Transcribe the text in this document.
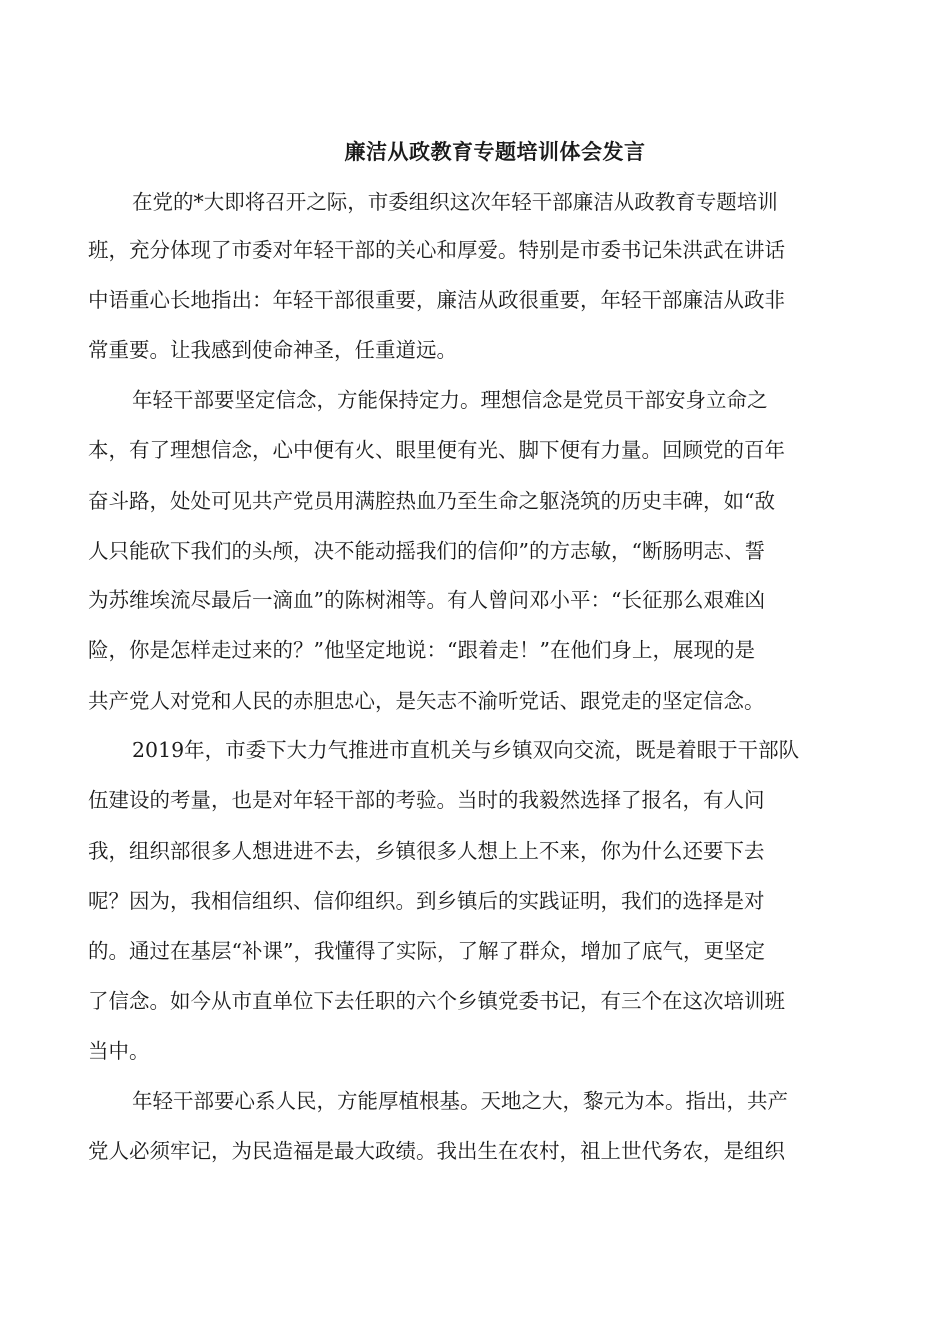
廉洁从政教育专题培训体会发言

在党的*大即将召开之际，市委组织这次年轻干部廉洁从政教育专题培训

班，充分体现了市委对年轻干部的关心和厚爱。特别是市委书记朱洪武在讲话

中语重心长地指出：年轻干部很重要，廉洁从政很重要，年轻干部廉洁从政非

常重要。让我感到使命神圣，任重道远。

年轻干部要坚定信念，方能保持定力。理想信念是党员干部安身立命之

本，有了理想信念，心中便有火、眼里便有光、脚下便有力量。回顾党的百年

奋斗路，处处可见共产党员用满腔热血乃至生命之躯浇筑的历史丰碑，如“敌

人只能砍下我们的头颅，决不能动摇我们的信仰”的方志敏，“断肠明志、誓

为苏维埃流尽最后一滴血”的陈树湘等。有人曾问邓小平：“长征那么艰难凶

险，你是怎样走过来的？”他坚定地说：“跟着走！”在他们身上，展现的是

共产党人对党和人民的赤胆忠心，是矢志不渝听党话、跟党走的坚定信念。

2019年，市委下大力气推进市直机关与乡镇双向交流，既是着眼于干部队

伍建设的考量，也是对年轻干部的考验。当时的我毅然选择了报名，有人问

我，组织部很多人想进进不去，乡镇很多人想上上不来，你为什么还要下去

呢？因为，我相信组织、信仰组织。到乡镇后的实践证明，我们的选择是对

的。通过在基层“补课”，我懂得了实际，了解了群众，增加了底气，更坚定

了信念。如今从市直单位下去任职的六个乡镇党委书记，有三个在这次培训班

当中。

年轻干部要心系人民，方能厚植根基。天地之大，黎元为本。指出，共产

党人必须牢记，为民造福是最大政绩。我出生在农村，祖上世代务农，是组织
